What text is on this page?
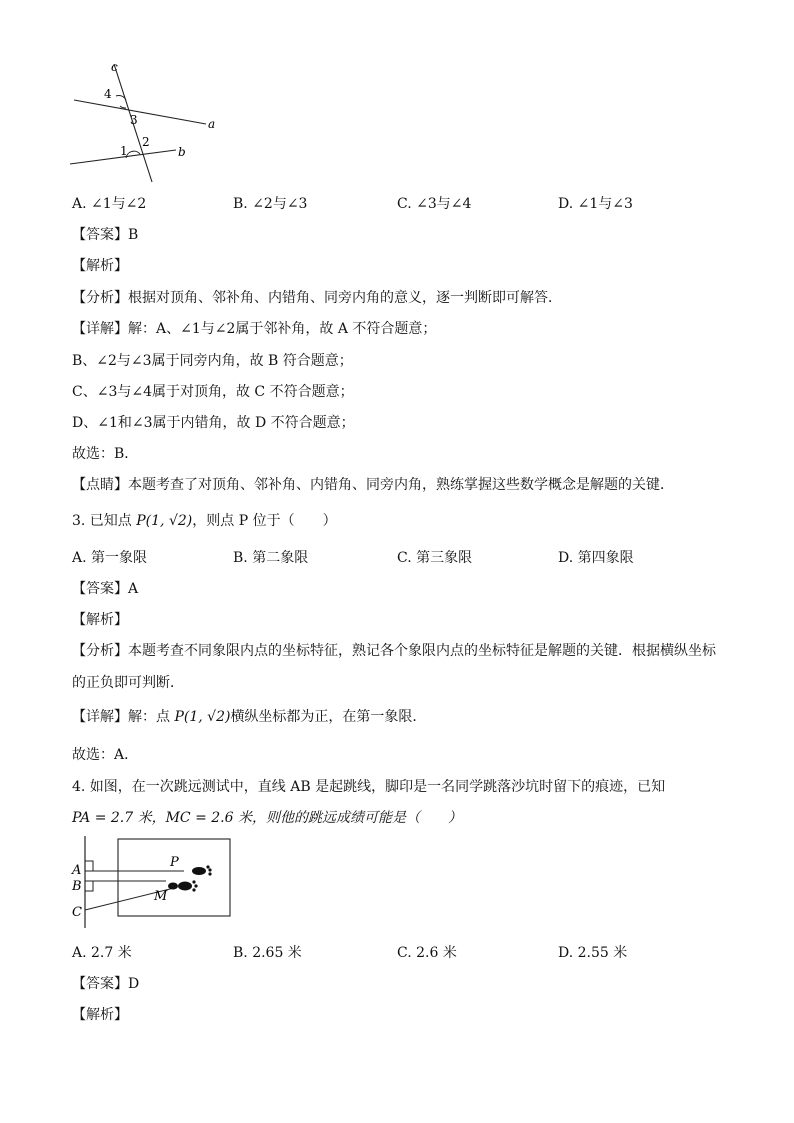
c
a
b
4
3
1
2
A. ∠1与∠2	B. ∠2与∠3	C. ∠3与∠4	D. ∠1与∠3
【答案】B
【解析】
【分析】根据对顶角、邻补角、内错角、同旁内角的意义，逐一判断即可解答．
【详解】解：A、∠1与∠2属于邻补角，故 A 不符合题意；
B、∠2与∠3属于同旁内角，故 B 符合题意；
C、∠3与∠4属于对顶角，故 C 不符合题意；
D、∠1和∠3属于内错角，故 D 不符合题意；
故选：B．
【点睛】本题考查了对顶角、邻补角、内错角、同旁内角，熟练掌握这些数学概念是解题的关键．
3. 已知点 P(1, √2)，则点 P 位于（　　）
A. 第一象限	B. 第二象限	C. 第三象限	D. 第四象限
【答案】A
【解析】
【分析】本题考查不同象限内点的坐标特征，熟记各个象限内点的坐标特征是解题的关键．根据横纵坐标
的正负即可判断．
【详解】解：点 P(1, √2)横纵坐标都为正，在第一象限．
故选：A．
4. 如图，在一次跳远测试中，直线 AB 是起跳线，脚印是一名同学跳落沙坑时留下的痕迹，已知
PA = 2.7 米，MC = 2.6 米，则他的跳远成绩可能是（　　）
A
B
C
P
M
A. 2.7 米	B. 2.65 米	C. 2.6 米	D. 2.55 米
【答案】D
【解析】
